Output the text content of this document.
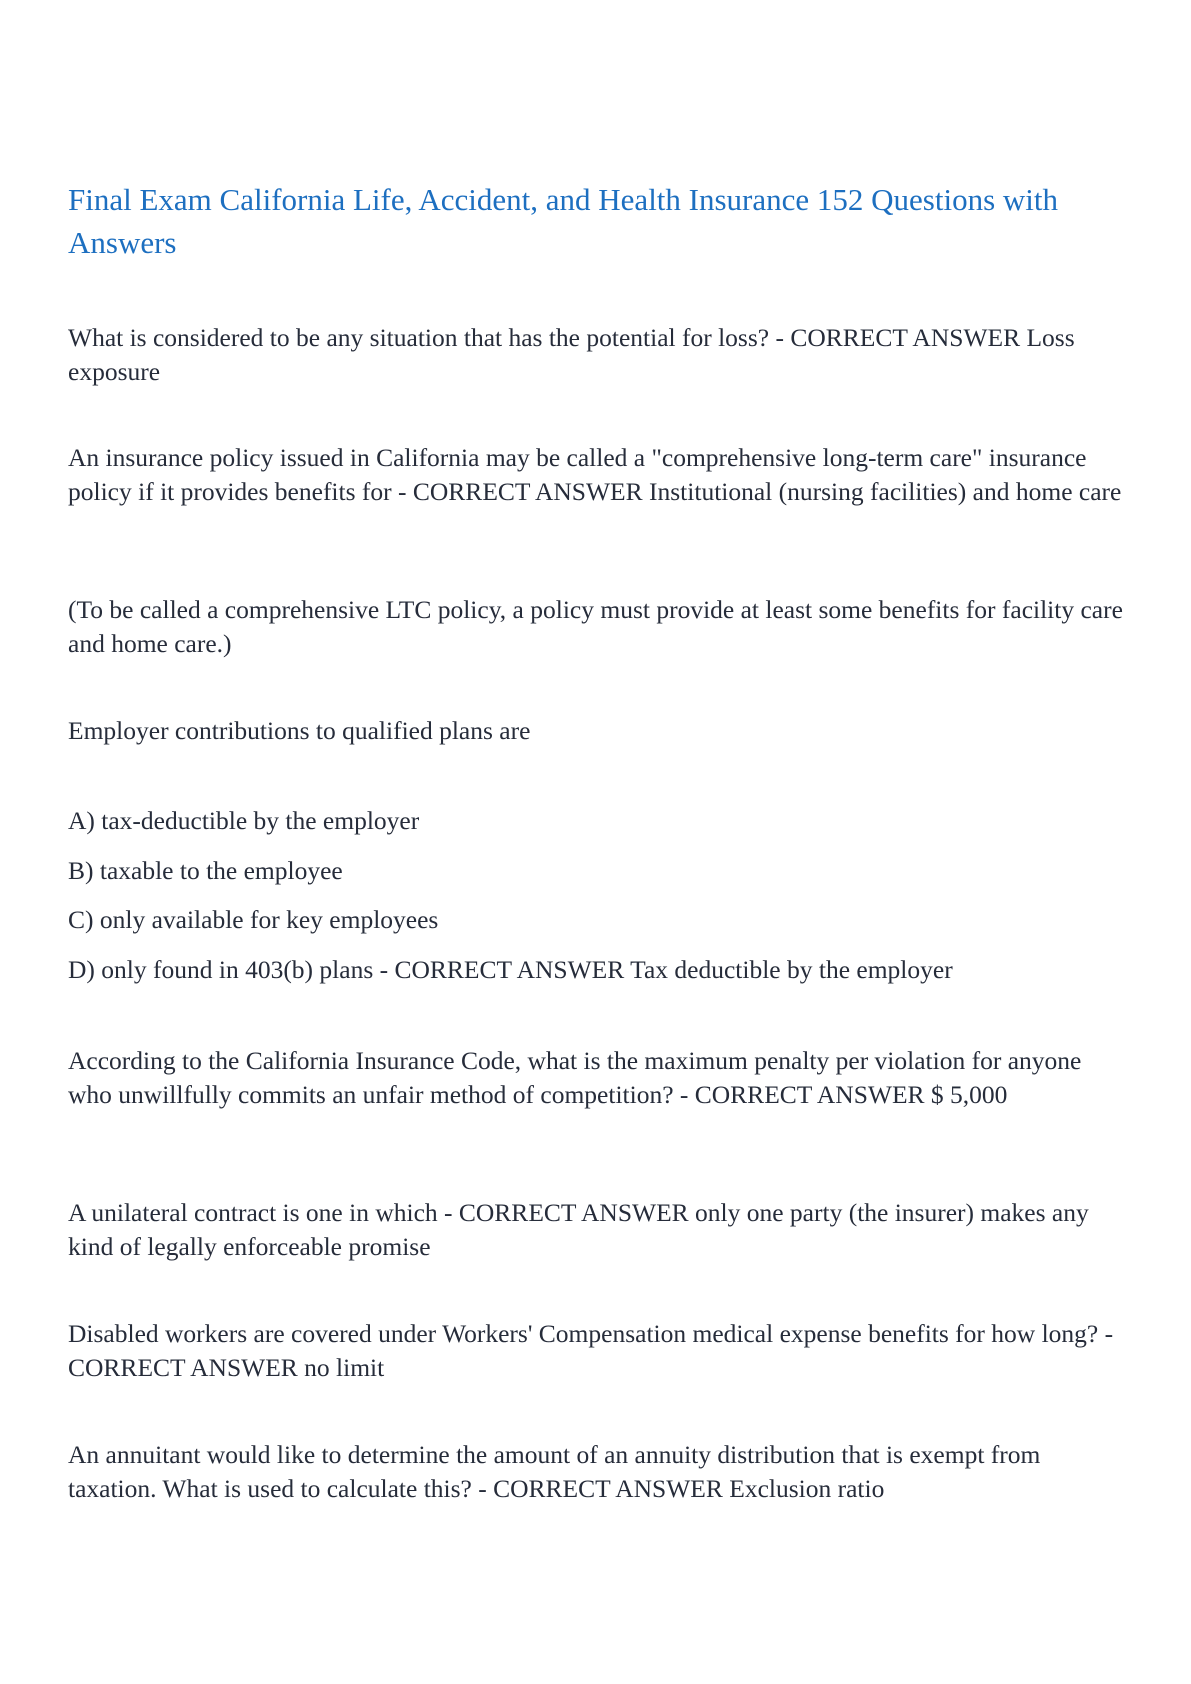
Final Exam California Life, Accident, and Health Insurance 152 Questions with Answers

What is considered to be any situation that has the potential for loss? - CORRECT ANSWER Loss exposure

An insurance policy issued in California may be called a "comprehensive long-term care" insurance policy if it provides benefits for - CORRECT ANSWER Institutional (nursing facilities) and home care

(To be called a comprehensive LTC policy, a policy must provide at least some benefits for facility care and home care.)

Employer contributions to qualified plans are

A) tax-deductible by the employer

B) taxable to the employee

C) only available for key employees

D) only found in 403(b) plans - CORRECT ANSWER Tax deductible by the employer

According to the California Insurance Code, what is the maximum penalty per violation for anyone who unwillfully commits an unfair method of competition? - CORRECT ANSWER $ 5,000

A unilateral contract is one in which - CORRECT ANSWER only one party (the insurer) makes any kind of legally enforceable promise

Disabled workers are covered under Workers' Compensation medical expense benefits for how long? - CORRECT ANSWER no limit

An annuitant would like to determine the amount of an annuity distribution that is exempt from taxation. What is used to calculate this? - CORRECT ANSWER Exclusion ratio
